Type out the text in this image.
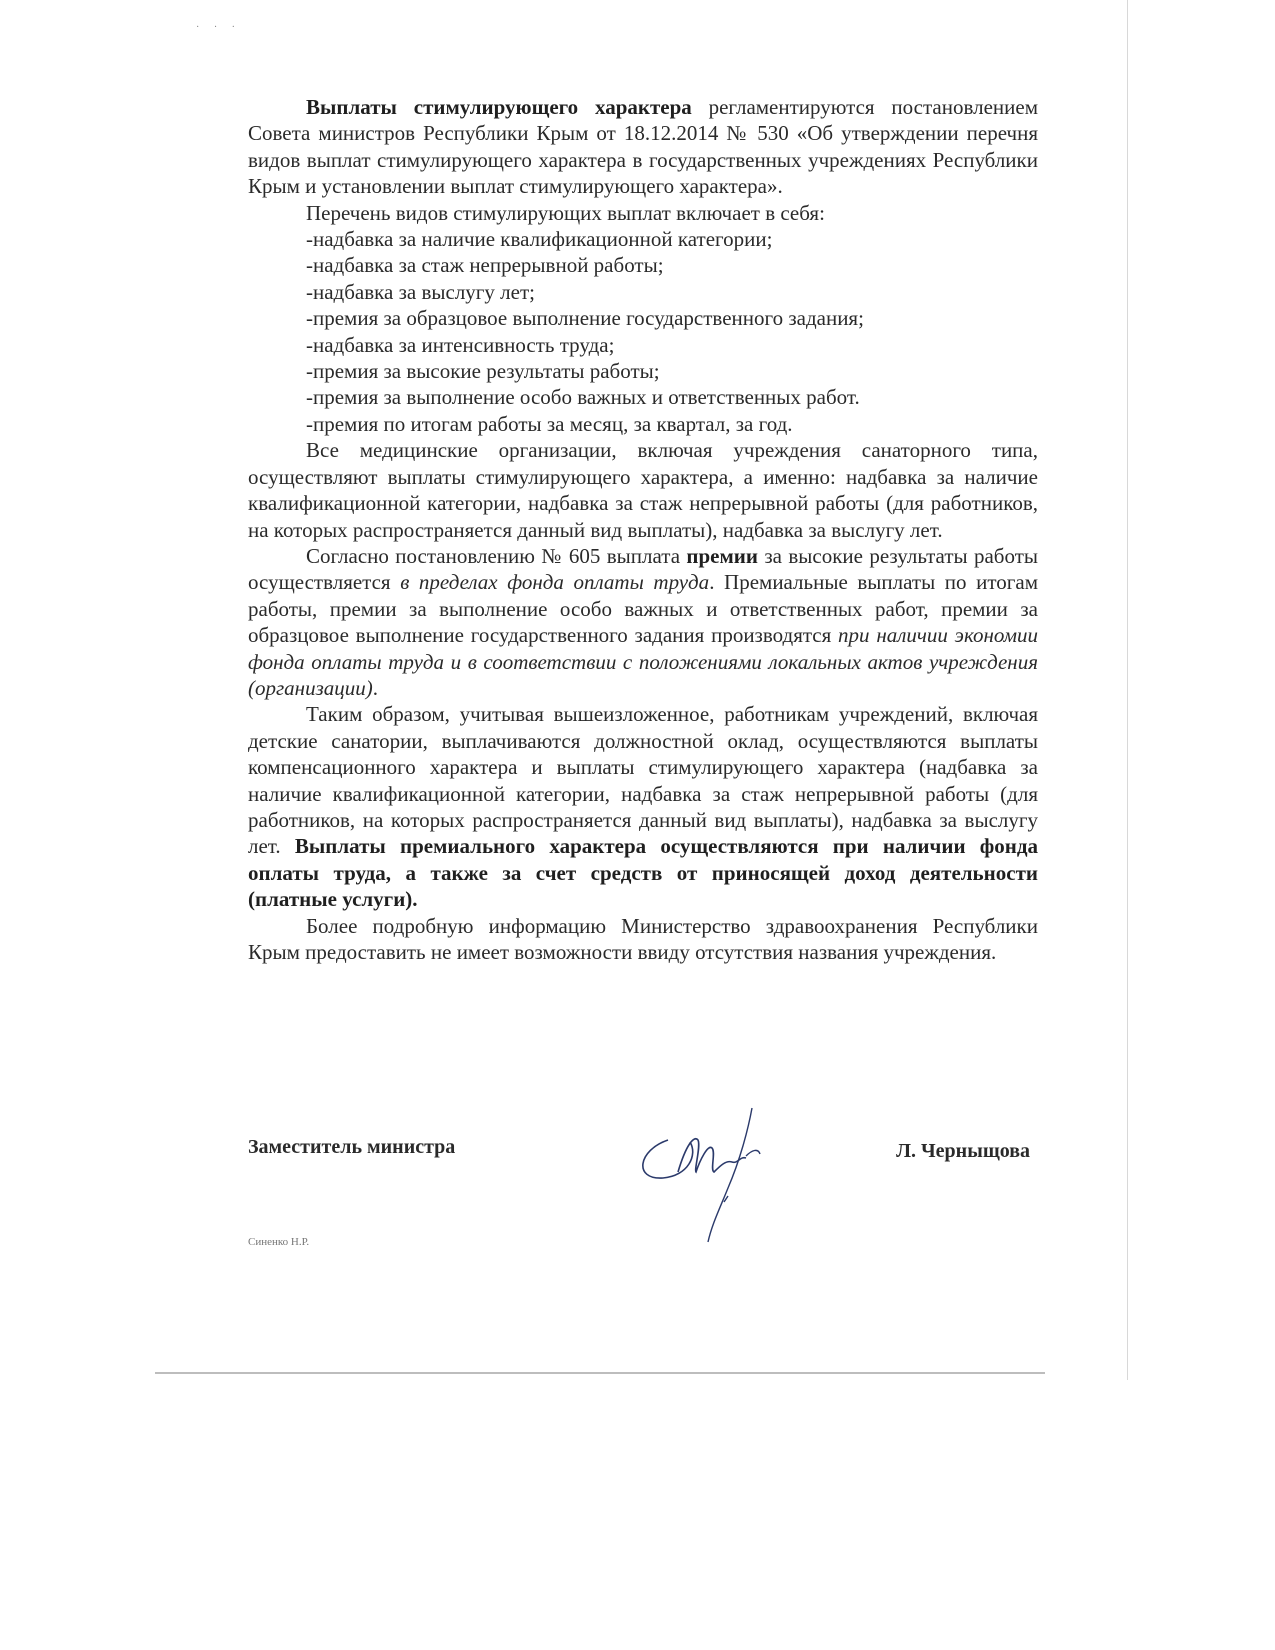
· · ·

Выплаты стимулирующего характера регламентируются постановлением Совета министров Республики Крым от 18.12.2014 № 530 «Об утверждении перечня видов выплат стимулирующего характера в государственных учреждениях Республики Крым и установлении выплат стимулирующего характера».

Перечень видов стимулирующих выплат включает в себя:

-надбавка за наличие квалификационной категории;

-надбавка за стаж непрерывной работы;

-надбавка за выслугу лет;

-премия за образцовое выполнение государственного задания;

-надбавка за интенсивность труда;

-премия за высокие результаты работы;

-премия за выполнение особо важных и ответственных работ.

-премия по итогам работы за месяц, за квартал, за год.

Все медицинские организации, включая учреждения санаторного типа, осуществляют выплаты стимулирующего характера, а именно: надбавка за наличие квалификационной категории, надбавка за стаж непрерывной работы (для работников, на которых распространяется данный вид выплаты), надбавка за выслугу лет.

Согласно постановлению № 605 выплата премии за высокие результаты работы осуществляется в пределах фонда оплаты труда. Премиальные выплаты по итогам работы, премии за выполнение особо важных и ответственных работ, премии за образцовое выполнение государственного задания производятся при наличии экономии фонда оплаты труда и в соответствии с положениями локальных актов учреждения (организации).

Таким образом, учитывая вышеизложенное, работникам учреждений, включая детские санатории, выплачиваются должностной оклад, осуществляются выплаты компенсационного характера и выплаты стимулирующего характера (надбавка за наличие квалификационной категории, надбавка за стаж непрерывной работы (для работников, на которых распространяется данный вид выплаты), надбавка за выслугу лет. Выплаты премиального характера осуществляются при наличии фонда оплаты труда, а также за счет средств от приносящей доход деятельности (платные услуги).

Более подробную информацию Министерство здравоохранения Республики Крым предоставить не имеет возможности ввиду отсутствия названия учреждения.

Заместитель министра	Л. Черныщова
Синенко Н.Р.
